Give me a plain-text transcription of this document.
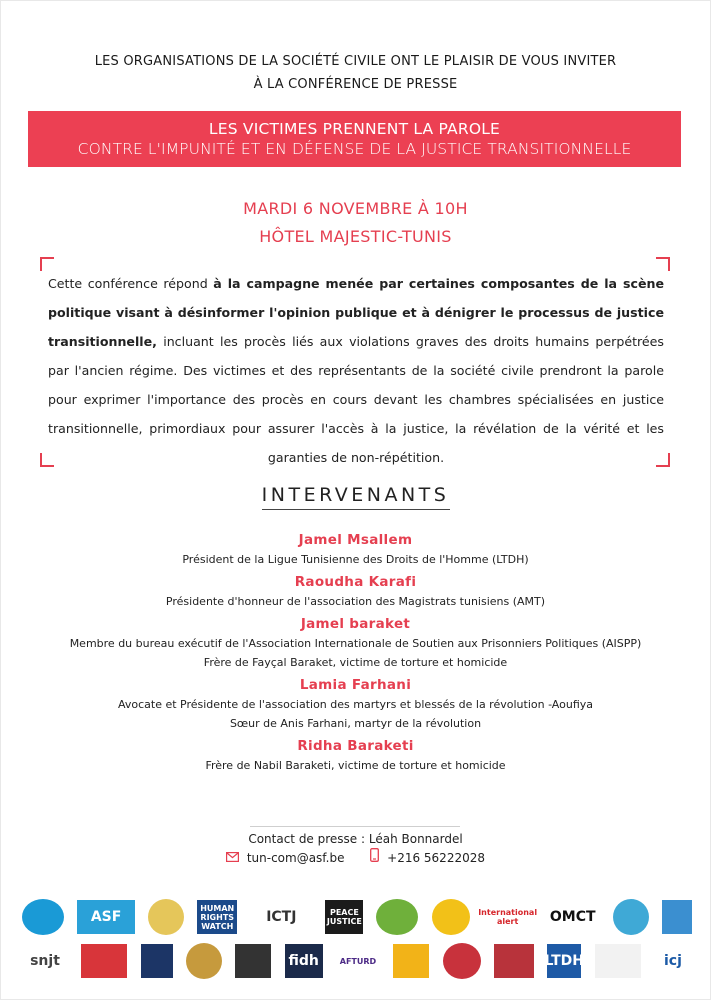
LES ORGANISATIONS DE LA SOCIÉTÉ CIVILE ONT LE PLAISIR DE VOUS INVITER
À LA CONFÉRENCE DE PRESSE
LES VICTIMES PRENNENT LA PAROLE
CONTRE L'IMPUNITÉ ET EN DÉFENSE DE LA JUSTICE TRANSITIONNELLE
MARDI 6 NOVEMBRE À 10H
HÔTEL MAJESTIC-TUNIS
Cette conférence répond à la campagne menée par certaines composantes de la scène politique visant à désinformer l'opinion publique et à dénigrer le processus de justice transitionnelle, incluant les procès liés aux violations graves des droits humains perpétrées par l'ancien régime. Des victimes et des représentants de la société civile prendront la parole pour exprimer l'importance des procès en cours devant les chambres spécialisées en justice transitionnelle, primordiaux pour assurer l'accès à la justice, la révélation de la vérité et les garanties de non-répétition.
INTERVENANTS
Jamel Msallem
Président de la Ligue Tunisienne des Droits de l'Homme (LTDH)
Raoudha Karafi
Présidente d'honneur de l'association des Magistrats tunisiens (AMT)
Jamel baraket
Membre du bureau exécutif de l'Association Internationale de Soutien aux Prisonniers Politiques (AISPP)
Frère de Fayçal Baraket, victime de torture et homicide
Lamia Farhani
Avocate et Présidente de l'association des martyrs et blessés de la révolution -Aoufiya
Sœur de Anis Farhani, martyr de la révolution
Ridha Baraketi
Frère de Nabil Baraketi, victime de torture et homicide
Contact de presse : Léah Bonnardel
tun-com@asf.be	+216 56222028
ASF
HUMAN RIGHTS WATCH
ICTJ	PEACE JUSTICE
International alert	OMCT
snjt	fidh	AFTURD	LTDH	icj
